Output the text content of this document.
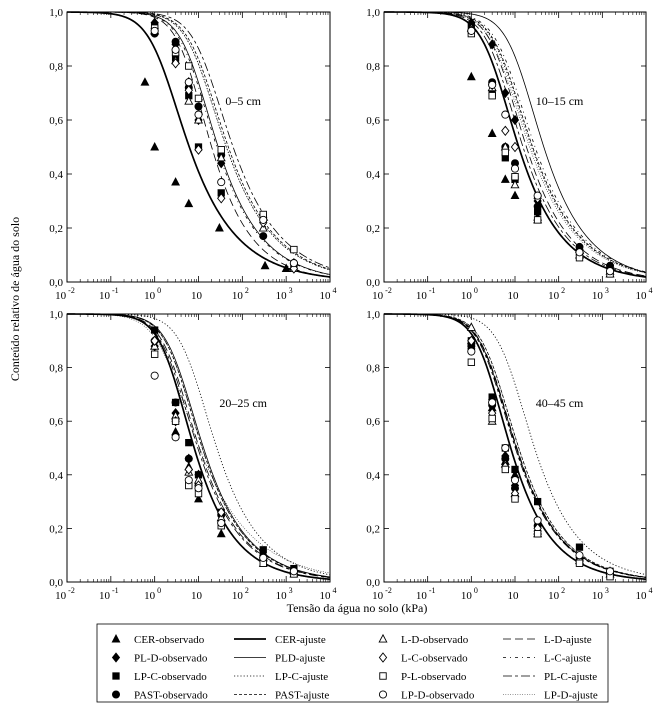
Conteúdo relativo de água do solo
Tensão da água no solo (kPa)
0,0
0,2
0,4
0,6
0,8
1,0
10 $^{-2}$ 10 $^{-1}$ 10 $^0$	10	10 $^2$ 10 $^3$ 10 $^4$
0–5 cm
0,0
0,2
0,4
0,6
0,8
1,0
10 $^{-2}$ 10 $^{-1}$ 10 $^0$	10	10 $^2$ 10 $^3$ 10 $^4$
10–15 cm
0,0
0,2
0,4
0,6
0,8
1,0
10 $^{-2}$ 10 $^{-1}$ 10 $^0$	10	10 $^2$ 10 $^3$ 10 $^4$
20–25 cm
0,0
0,2
0,4
0,6
0,8
1,0
10 $^{-2}$ 10 $^{-1}$ 10 $^0$	10	10 $^2$ 10 $^3$ 10 $^4$
40–45 cm
CER-observado	CER-ajuste	L-D-observado	L-D-ajuste
PL-D-observado	PLD-ajuste	L-C-observado	L-C-ajuste
LP-C-observado	LP-C-ajuste	P-L-observado	PL-C-ajuste
PAST-observado	PAST-ajuste	LP-D-observado	LP-D-ajuste
